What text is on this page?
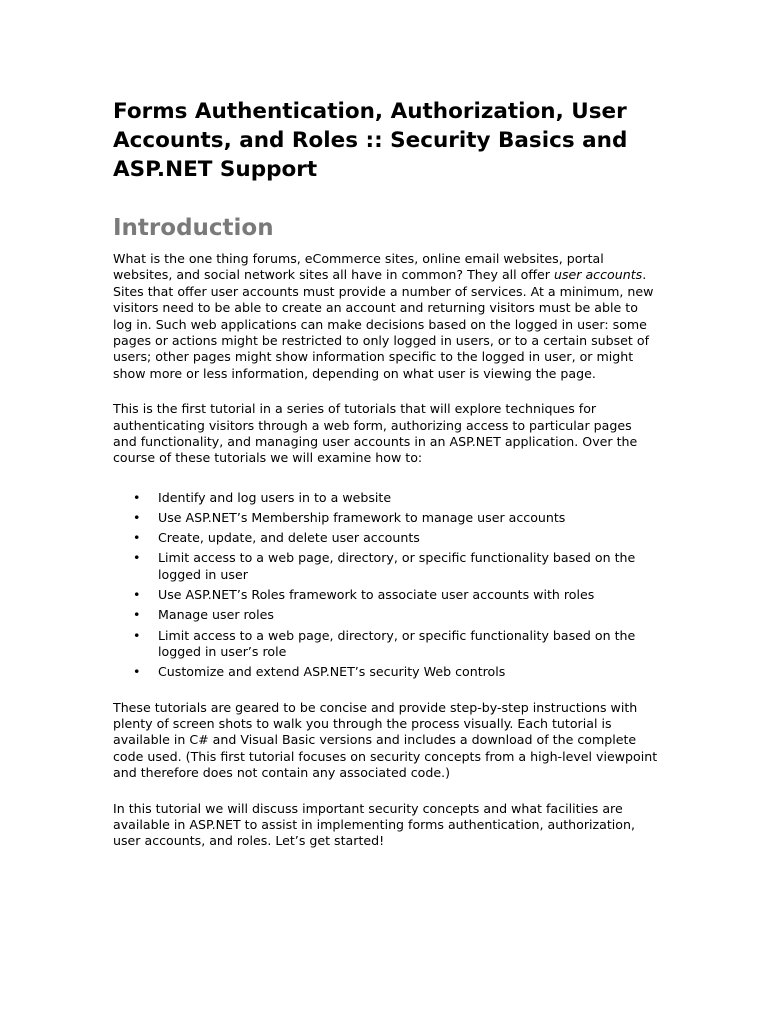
Forms Authentication, Authorization, User Accounts, and Roles :: Security Basics and ASP.NET Support
Introduction

What is the one thing forums, eCommerce sites, online email websites, portal websites, and social network sites all have in common? They all offer user accounts. Sites that offer user accounts must provide a number of services. At a minimum, new visitors need to be able to create an account and returning visitors must be able to log in. Such web applications can make decisions based on the logged in user: some pages or actions might be restricted to only logged in users, or to a certain subset of users; other pages might show information specific to the logged in user, or might show more or less information, depending on what user is viewing the page.

This is the first tutorial in a series of tutorials that will explore techniques for authenticating visitors through a web form, authorizing access to particular pages and functionality, and managing user accounts in an ASP.NET application. Over the course of these tutorials we will examine how to:

• Identify and log users in to a website
• Use ASP.NET’s Membership framework to manage user accounts
• Create, update, and delete user accounts
• Limit access to a web page, directory, or specific functionality based on the logged in user
• Use ASP.NET’s Roles framework to associate user accounts with roles
• Manage user roles
• Limit access to a web page, directory, or specific functionality based on the logged in user’s role
• Customize and extend ASP.NET’s security Web controls

These tutorials are geared to be concise and provide step-by-step instructions with plenty of screen shots to walk you through the process visually. Each tutorial is available in C# and Visual Basic versions and includes a download of the complete code used. (This first tutorial focuses on security concepts from a high-level viewpoint and therefore does not contain any associated code.)

In this tutorial we will discuss important security concepts and what facilities are available in ASP.NET to assist in implementing forms authentication, authorization, user accounts, and roles. Let’s get started!
